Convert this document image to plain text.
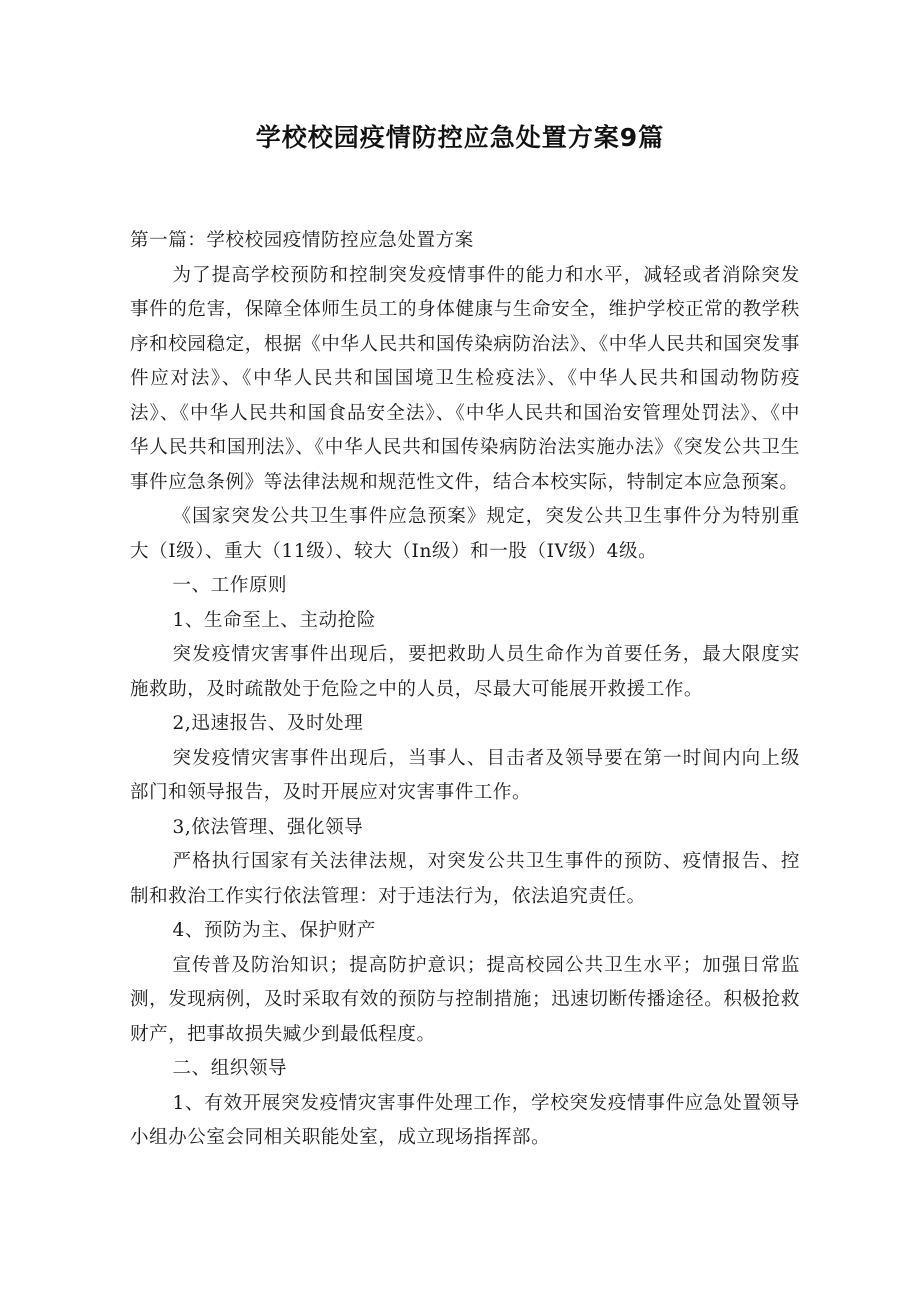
学校校园疫情防控应急处置方案9篇

第一篇：学校校园疫情防控应急处置方案

为了提高学校预防和控制突发疫情事件的能力和水平，减轻或者消除突发事件的危害，保障全体师生员工的身体健康与生命安全，维护学校正常的教学秩序和校园稳定，根据《中华人民共和国传染病防治法》、《中华人民共和国突发事件应对法》、《中华人民共和国国境卫生检疫法》、《中华人民共和国动物防疫法》、《中华人民共和国食品安全法》、《中华人民共和国治安管理处罚法》、《中华人民共和国刑法》、《中华人民共和国传染病防治法实施办法》《突发公共卫生事件应急条例》等法律法规和规范性文件，结合本校实际，特制定本应急预案。

《国家突发公共卫生事件应急预案》规定，突发公共卫生事件分为特别重大（I级）、重大（11级）、较大（In级）和一股（IV级）4级。

一、工作原则

1、生命至上、主动抢险

突发疫情灾害事件出现后，要把救助人员生命作为首要任务，最大限度实施救助，及时疏散处于危险之中的人员，尽最大可能展开救援工作。

2,迅速报告、及时处理

突发疫情灾害事件出现后，当事人、目击者及领导要在第一时间内向上级部门和领导报告，及时开展应对灾害事件工作。

3,依法管理、强化领导

严格执行国家有关法律法规，对突发公共卫生事件的预防、疫情报告、控制和救治工作实行依法管理：对于违法行为，依法追究责任。

4、预防为主、保护财产

宣传普及防治知识；提高防护意识；提高校园公共卫生水平；加强日常监测，发现病例，及时采取有效的预防与控制措施；迅速切断传播途径。积极抢救财产，把事故损失臧少到最低程度。

二、组织领导

1、有效开展突发疫情灾害事件处理工作，学校突发疫情事件应急处置领导小组办公室会同相关职能处室，成立现场指挥部。
